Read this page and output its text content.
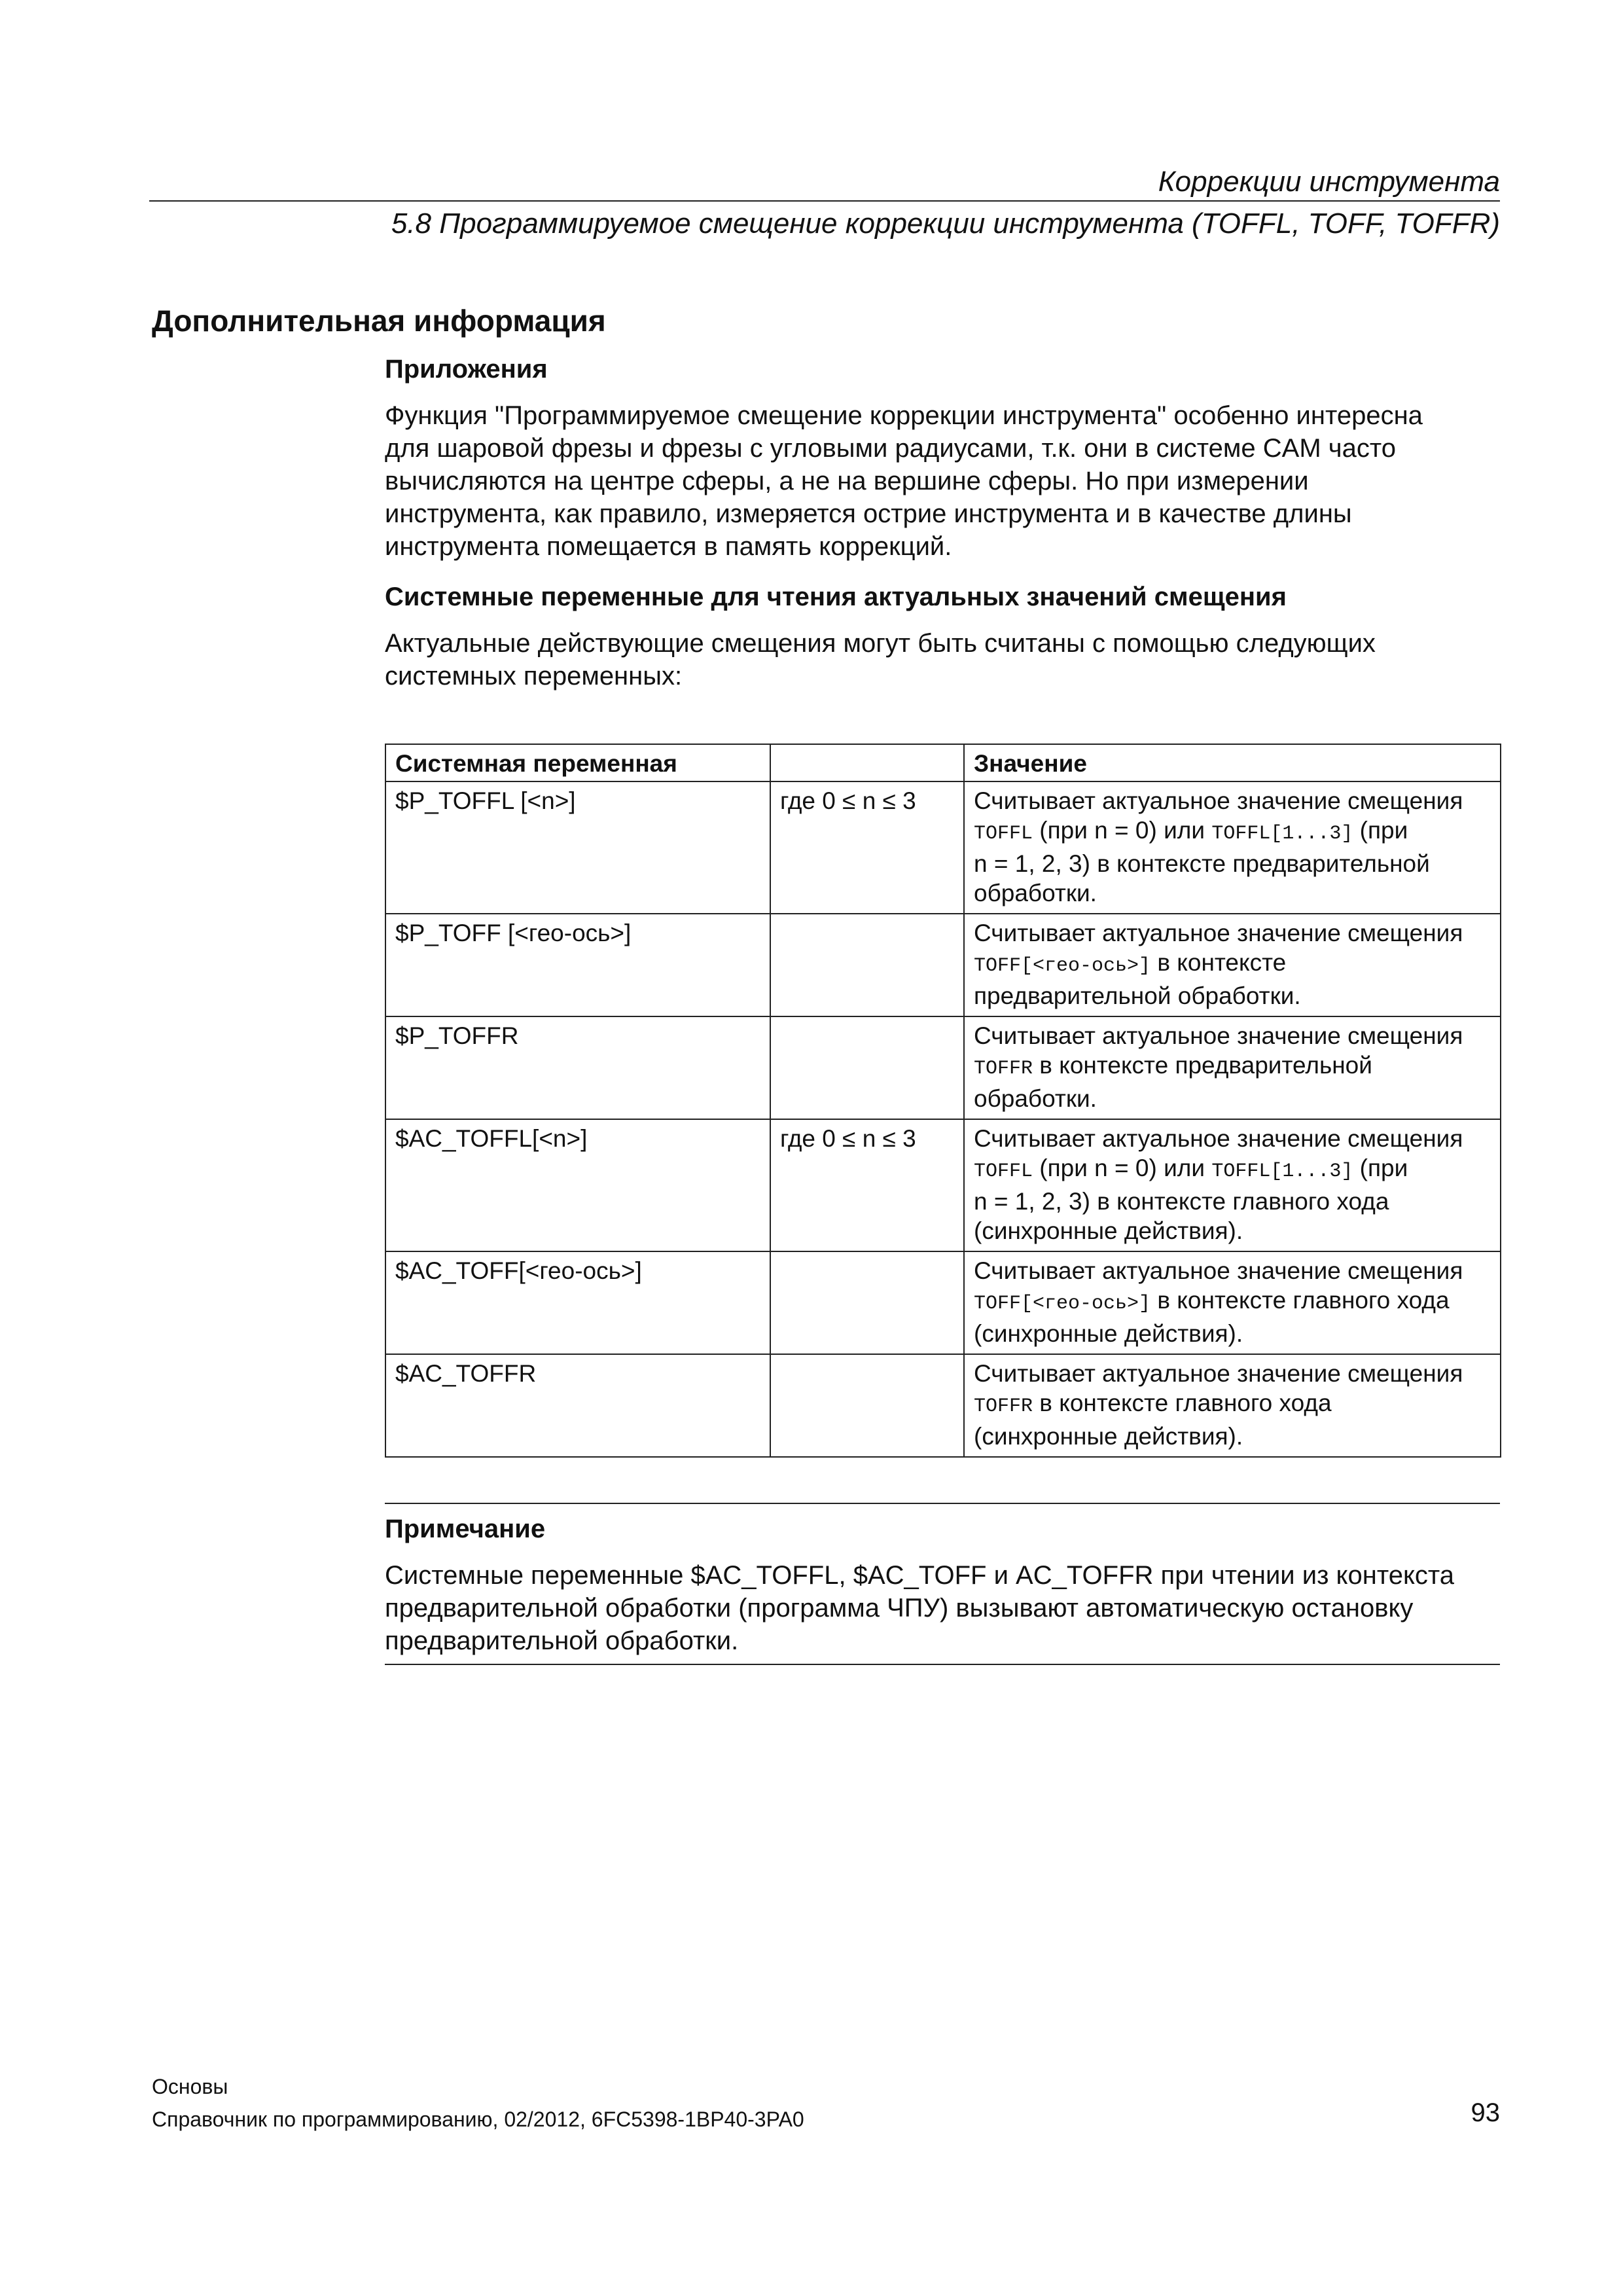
Коррекции инструмента
5.8 Программируемое смещение коррекции инструмента (TOFFL, TOFF, TOFFR)
Дополнительная информация
Приложения

Функция "Программируемое смещение коррекции инструмента" особенно интересна

для шаровой фрезы и фрезы с угловыми радиусами, т.к. они в системе CAM часто

вычисляются на центре сферы, а не на вершине сферы. Но при измерении

инструмента, как правило, измеряется острие инструмента и в качестве длины

инструмента помещается в память коррекций.

Системные переменные для чтения актуальных значений смещения

Актуальные действующие смещения могут быть считаны с помощью следующих

системных переменных:

Системная переменная		Значение
$P_TOFFL [<n>]	где 0 ≤ n ≤ 3	Считывает актуальное значение смещения
TOFFL (при n = 0) или TOFFL[1...3] (при
n = 1, 2, 3) в контексте предварительной
обработки.
$P_TOFF [<гео-ось>]		Считывает актуальное значение смещения
TOFF[<гео-ось>] в контексте
предварительной обработки.
$P_TOFFR		Считывает актуальное значение смещения
TOFFR в контексте предварительной
обработки.
$AC_TOFFL[<n>]	где 0 ≤ n ≤ 3	Считывает актуальное значение смещения
TOFFL (при n = 0) или TOFFL[1...3] (при
n = 1, 2, 3) в контексте главного хода
(синхронные действия).
$AC_TOFF[<гео-ось>]		Считывает актуальное значение смещения
TOFF[<гео-ось>] в контексте главного хода
(синхронные действия).
$AC_TOFFR		Считывает актуальное значение смещения
TOFFR в контексте главного хода
(синхронные действия).
Примечание

Системные переменные $AC_TOFFL, $AC_TOFF и AC_TOFFR при чтении из контекста

предварительной обработки (программа ЧПУ) вызывают автоматическую остановку

предварительной обработки.

Основы
Справочник по программированию, 02/2012, 6FC5398-1BP40-3PA0	93
